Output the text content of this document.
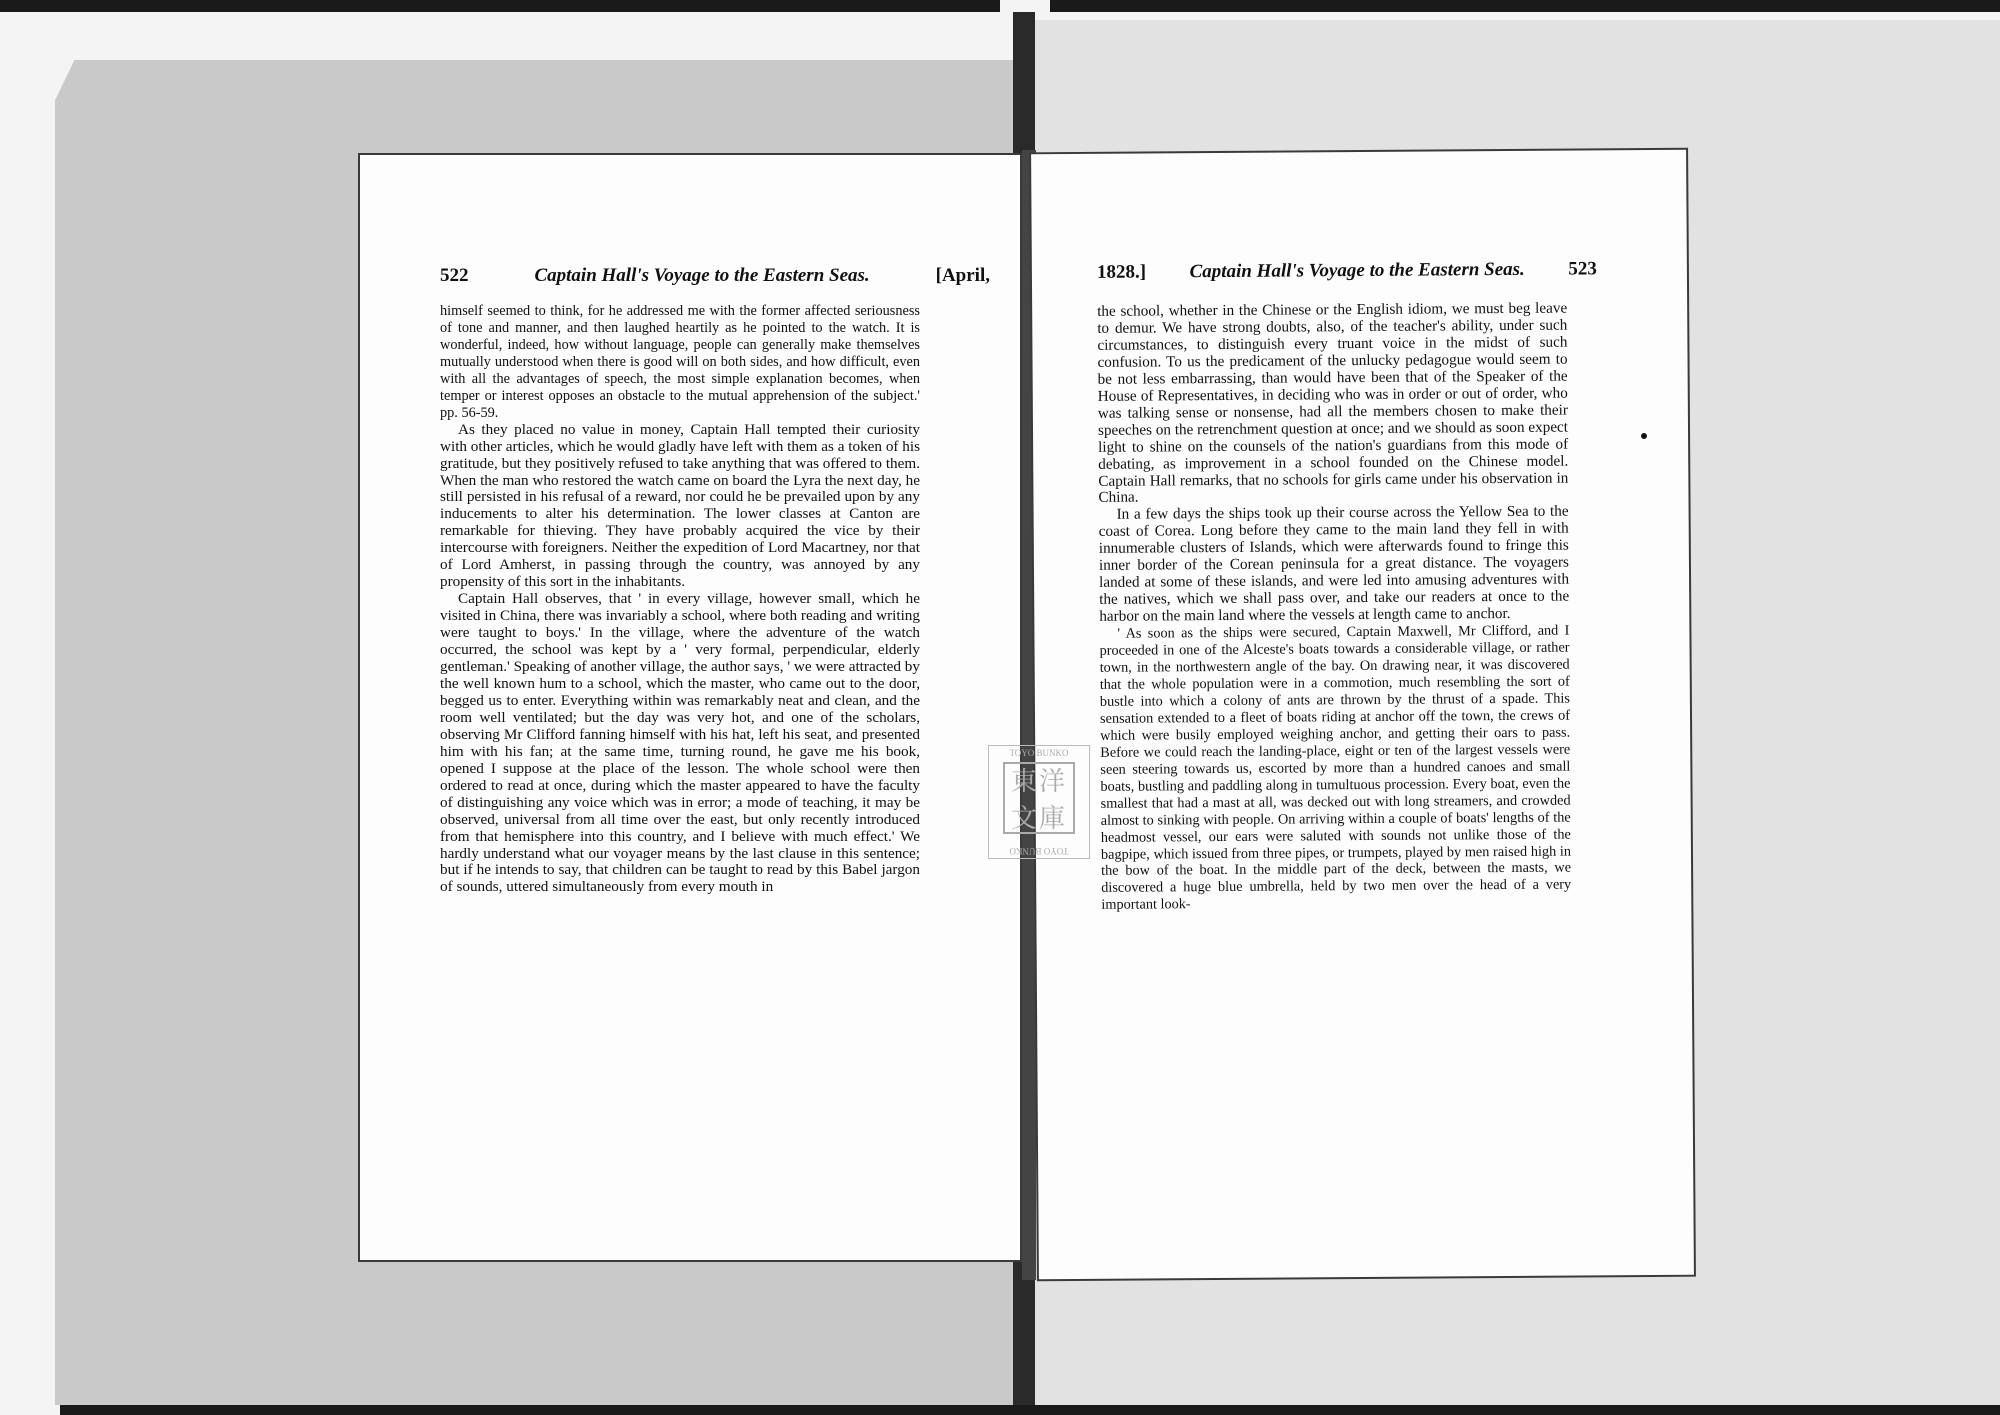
522	Captain Hall's Voyage to the Eastern Seas.	[April,

himself seemed to think, for he addressed me with the former affected seriousness of tone and manner, and then laughed heartily as he pointed to the watch. It is wonderful, indeed, how without language, people can generally make themselves mutually understood when there is good will on both sides, and how difficult, even with all the advantages of speech, the most simple explanation becomes, when temper or interest opposes an obstacle to the mutual apprehension of the subject.' pp. 56-59.

As they placed no value in money, Captain Hall tempted their curiosity with other articles, which he would gladly have left with them as a token of his gratitude, but they positively refused to take anything that was offered to them. When the man who restored the watch came on board the Lyra the next day, he still persisted in his refusal of a reward, nor could he be prevailed upon by any inducements to alter his determination. The lower classes at Canton are remarkable for thieving. They have probably acquired the vice by their intercourse with foreigners. Neither the expedition of Lord Macartney, nor that of Lord Amherst, in passing through the country, was annoyed by any propensity of this sort in the inhabitants.

Captain Hall observes, that ' in every village, however small, which he visited in China, there was invariably a school, where both reading and writing were taught to boys.' In the village, where the adventure of the watch occurred, the school was kept by a ' very formal, perpendicular, elderly gentleman.' Speaking of another village, the author says, ' we were attracted by the well known hum to a school, which the master, who came out to the door, begged us to enter. Everything within was remarkably neat and clean, and the room well ventilated; but the day was very hot, and one of the scholars, observing Mr Clifford fanning himself with his hat, left his seat, and presented him with his fan; at the same time, turning round, he gave me his book, opened I suppose at the place of the lesson. The whole school were then ordered to read at once, during which the master appeared to have the faculty of distinguishing any voice which was in error; a mode of teaching, it may be observed, universal from all time over the east, but only recently introduced from that hemisphere into this country, and I believe with much effect.' We hardly understand what our voyager means by the last clause in this sentence; but if he intends to say, that children can be taught to read by this Babel jargon of sounds, uttered simultaneously from every mouth in

1828.] Captain Hall's Voyage to the Eastern Seas. 523

the school, whether in the Chinese or the English idiom, we must beg leave to demur. We have strong doubts, also, of the teacher's ability, under such circumstances, to distinguish every truant voice in the midst of such confusion. To us the predicament of the unlucky pedagogue would seem to be not less embarrassing, than would have been that of the Speaker of the House of Representatives, in deciding who was in order or out of order, who was talking sense or nonsense, had all the members chosen to make their speeches on the retrenchment question at once; and we should as soon expect light to shine on the counsels of the nation's guardians from this mode of debating, as improvement in a school founded on the Chinese model. Captain Hall remarks, that no schools for girls came under his observation in China.

In a few days the ships took up their course across the Yellow Sea to the coast of Corea. Long before they came to the main land they fell in with innumerable clusters of Islands, which were afterwards found to fringe this inner border of the Corean peninsula for a great distance. The voyagers landed at some of these islands, and were led into amusing adventures with the natives, which we shall pass over, and take our readers at once to the harbor on the main land where the vessels at length came to anchor.

' As soon as the ships were secured, Captain Maxwell, Mr Clifford, and I proceeded in one of the Alceste's boats towards a considerable village, or rather town, in the northwestern angle of the bay. On drawing near, it was discovered that the whole population were in a commotion, much resembling the sort of bustle into which a colony of ants are thrown by the thrust of a spade. This sensation extended to a fleet of boats riding at anchor off the town, the crews of which were busily employed weighing anchor, and getting their oars to pass. Before we could reach the landing-place, eight or ten of the largest vessels were seen steering towards us, escorted by more than a hundred canoes and small boats, bustling and paddling along in tumultuous procession. Every boat, even the smallest that had a mast at all, was decked out with long streamers, and crowded almost to sinking with people. On arriving within a couple of boats' lengths of the headmost vessel, our ears were saluted with sounds not unlike those of the bagpipe, which issued from three pipes, or trumpets, played by men raised high in the bow of the boat. In the middle part of the deck, between the masts, we discovered a huge blue umbrella, held by two men over the head of a very important look-

TOYO BUNKO
東洋文庫
TOYO BUNKO
